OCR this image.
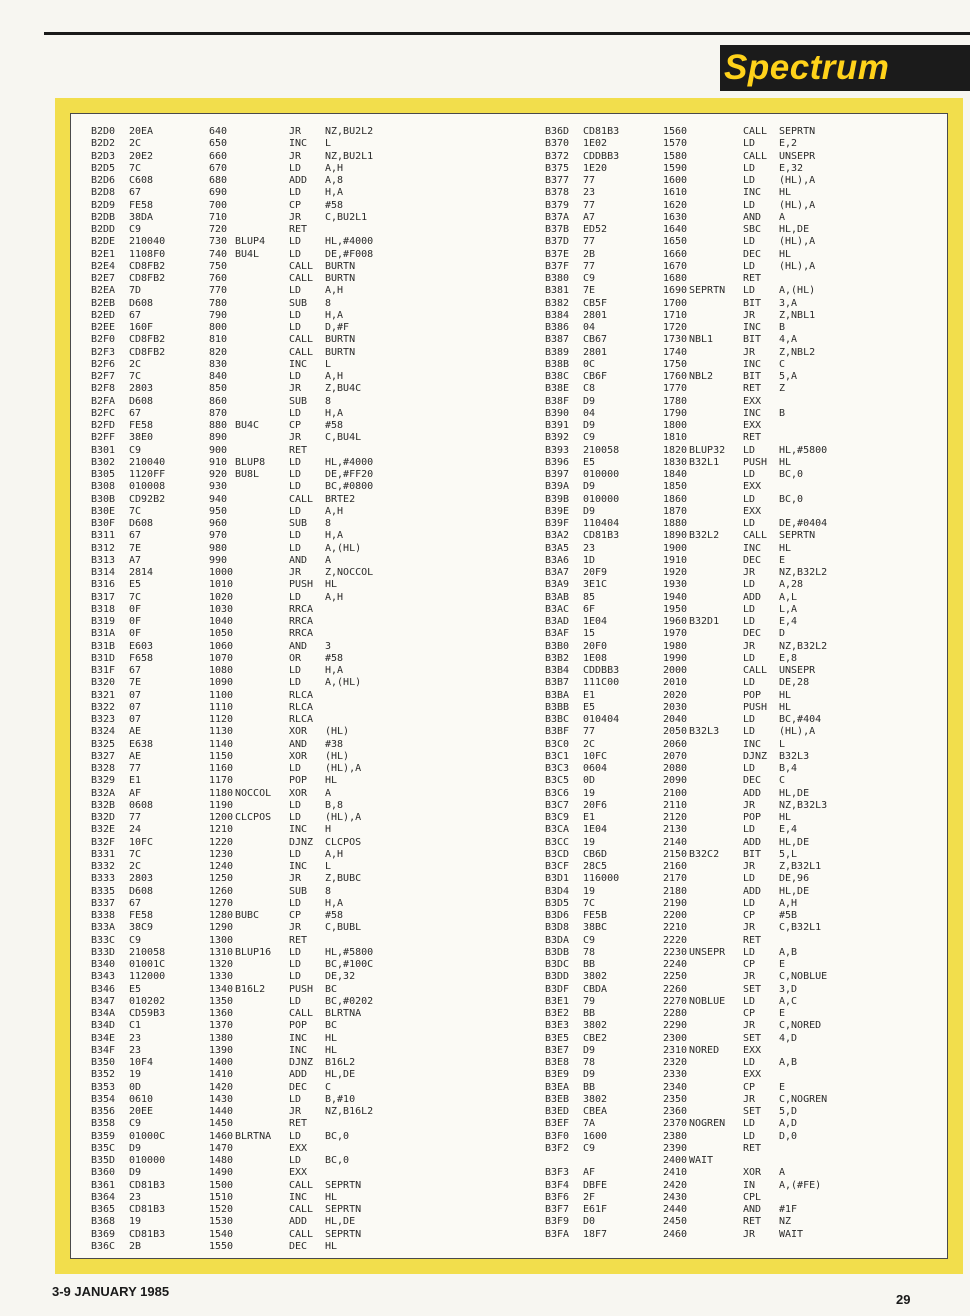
Spectrum
B2D0 20EA	640	JR NZ,BU2L2
B2D2 2C	650	INC L
B2D3 20E2	660	JR NZ,BU2L1
B2D5 7C	670	LD A,H
B2D6 C608	680	ADD A,8
B2D8 67	690	LD H,A
B2D9 FE58	700	CP #58
B2DB 38DA	710	JR C,BU2L1
B2DD C9	720	RET
B2DE 210040	730 BLUP4 LD HL,#4000
B2E1 1108F0	740 BU4L	LD DE,#F008
B2E4 CD8FB2	750	CALL BURTN
B2E7 CD8FB2	760	CALL BURTN
B2EA 7D	770	LD A,H
B2EB D608	780	SUB 8
B2ED 67	790	LD H,A
B2EE 160F	800	LD D,#F
B2F0 CD8FB2	810	CALL BURTN
B2F3 CD8FB2	820	CALL BURTN
B2F6 2C	830	INC L
B2F7 7C	840	LD A,H
B2F8 2803	850	JR Z,BU4C
B2FA D608	860	SUB 8
B2FC 67	870	LD H,A
B2FD FE58	880 BU4C	CP #58
B2FF 38E0	890	JR C,BU4L
B301 C9	900	RET
B302 210040	910 BLUP8 LD HL,#4000
B305 1120FF	920 BU8L	LD DE,#FF20
B308 010008	930	LD BC,#0800
B30B CD92B2	940	CALL BRTE2
B30E 7C	950	LD A,H
B30F D608	960	SUB 8
B311 67	970	LD H,A
B312 7E	980	LD A,(HL)
B313 A7	990	AND A
B314 2814	1000	JR Z,NOCCOL
B316 E5	1010	PUSH HL
B317 7C	1020	LD A,H
B318 0F	1030	RRCA
B319 0F	1040	RRCA
B31A 0F	1050	RRCA
B31B E603	1060	AND 3
B31D F658	1070	OR #58
B31F 67	1080	LD H,A
B320 7E	1090	LD A,(HL)
B321 07	1100	RLCA
B322 07	1110	RLCA
B323 07	1120	RLCA
B324 AE	1130	XOR (HL)
B325 E638	1140	AND #38
B327 AE	1150	XOR (HL)
B328 77	1160	LD (HL),A
B329 E1	1170	POP HL
B32A AF	1180 NOCCOL XOR A
B32B 0608	1190	LD B,8
B32D 77	1200 CLCPOS LD (HL),A
B32E 24	1210	INC H
B32F 10FC	1220	DJNZ CLCPOS
B331 7C	1230	LD A,H
B332 2C	1240	INC L
B333 2803	1250	JR Z,BUBC
B335 D608	1260	SUB 8
B337 67	1270	LD H,A
B338 FE58	1280 BUBC	CP #58
B33A 38C9	1290	JR C,BUBL
B33C C9	1300	RET
B33D 210058	1310 BLUP16 LD HL,#5800
B340 01001C	1320	LD BC,#100C
B343 112000	1330	LD DE,32
B346 E5	1340 B16L2 PUSH BC
B347 010202	1350	LD BC,#0202
B34A CD59B3	1360	CALL BLRTNA
B34D C1	1370	POP BC
B34E 23	1380	INC HL
B34F 23	1390	INC HL
B350 10F4	1400	DJNZ B16L2
B352 19	1410	ADD HL,DE
B353 0D	1420	DEC C
B354 0610	1430	LD B,#10
B356 20EE	1440	JR NZ,B16L2
B358 C9	1450	RET
B359 01000C	1460 BLRTNA LD BC,0
B35C D9	1470	EXX
B35D 010000	1480	LD BC,0
B360 D9	1490	EXX
B361 CD81B3	1500	CALL SEPRTN
B364 23	1510	INC HL
B365 CD81B3	1520	CALL SEPRTN
B368 19	1530	ADD HL,DE
B369 CD81B3	1540	CALL SEPRTN
B36C 2B	1550	DEC HL
B36D CD81B3	1560	CALL SEPRTN
B370 1E02	1570	LD E,2
B372 CDDBB3	1580	CALL UNSEPR
B375 1E20	1590	LD E,32
B377 77	1600	LD (HL),A
B378 23	1610	INC HL
B379 77	1620	LD (HL),A
B37A A7	1630	AND A
B37B ED52	1640	SBC HL,DE
B37D 77	1650	LD (HL),A
B37E 2B	1660	DEC HL
B37F 77	1670	LD (HL),A
B380 C9	1680	RET
B381 7E	1690 SEPRTN LD A,(HL)
B382 CB5F	1700	BIT 3,A
B384 2801	1710	JR Z,NBL1
B386 04	1720	INC B
B387 CB67	1730 NBL1	BIT 4,A
B389 2801	1740	JR Z,NBL2
B38B 0C	1750	INC C
B38C CB6F	1760 NBL2	BIT 5,A
B38E C8	1770	RET Z
B38F D9	1780	EXX
B390 04	1790	INC B
B391 D9	1800	EXX
B392 C9	1810	RET
B393 210058	1820 BLUP32 LD HL,#5800
B396 E5	1830 B32L1 PUSH HL
B397 010000	1840	LD BC,0
B39A D9	1850	EXX
B39B 010000	1860	LD BC,0
B39E D9	1870	EXX
B39F 110404	1880	LD DE,#0404
B3A2 CD81B3	1890 B32L2 CALL SEPRTN
B3A5 23	1900	INC HL
B3A6 1D	1910	DEC E
B3A7 20F9	1920	JR NZ,B32L2
B3A9 3E1C	1930	LD A,28
B3AB 85	1940	ADD A,L
B3AC 6F	1950	LD L,A
B3AD 1E04	1960 B32D1 LD E,4
B3AF 15	1970	DEC D
B3B0 20F0	1980	JR NZ,B32L2
B3B2 1E08	1990	LD E,8
B3B4 CDDBB3	2000	CALL UNSEPR
B3B7 111C00	2010	LD DE,28
B3BA E1	2020	POP HL
B3BB E5	2030	PUSH HL
B3BC 010404	2040	LD BC,#404
B3BF 77	2050 B32L3 LD (HL),A
B3C0 2C	2060	INC L
B3C1 10FC	2070	DJNZ B32L3
B3C3 0604	2080	LD B,4
B3C5 0D	2090	DEC C
B3C6 19	2100	ADD HL,DE
B3C7 20F6	2110	JR NZ,B32L3
B3C9 E1	2120	POP HL
B3CA 1E04	2130	LD E,4
B3CC 19	2140	ADD HL,DE
B3CD CB6D	2150 B32C2 BIT 5,L
B3CF 28C5	2160	JR Z,B32L1
B3D1 116000	2170	LD DE,96
B3D4 19	2180	ADD HL,DE
B3D5 7C	2190	LD A,H
B3D6 FE5B	2200	CP #5B
B3D8 38BC	2210	JR C,B32L1
B3DA C9	2220	RET
B3DB 78	2230 UNSEPR LD A,B
B3DC BB	2240	CP E
B3DD 3802	2250	JR C,NOBLUE
B3DF CBDA	2260	SET 3,D
B3E1 79	2270 NOBLUE LD A,C
B3E2 BB	2280	CP E
B3E3 3802	2290	JR C,NORED
B3E5 CBE2	2300	SET 4,D
B3E7 D9	2310 NORED EXX
B3E8 78	2320	LD A,B
B3E9 D9	2330	EXX
B3EA BB	2340	CP E
B3EB 3802	2350	JR C,NOGREN
B3ED CBEA	2360	SET 5,D
B3EF 7A	2370 NOGREN LD A,D
B3F0 1600	2380	LD D,0
B3F2 C9	2390	RET
2400 WAIT
B3F3 AF	2410	XOR A
B3F4 DBFE	2420	IN A,(#FE)
B3F6 2F	2430	CPL
B3F7 E61F	2440	AND #1F
B3F9 D0	2450	RET NZ
B3FA 18F7	2460	JR WAIT
3-9 JANUARY 1985
29
